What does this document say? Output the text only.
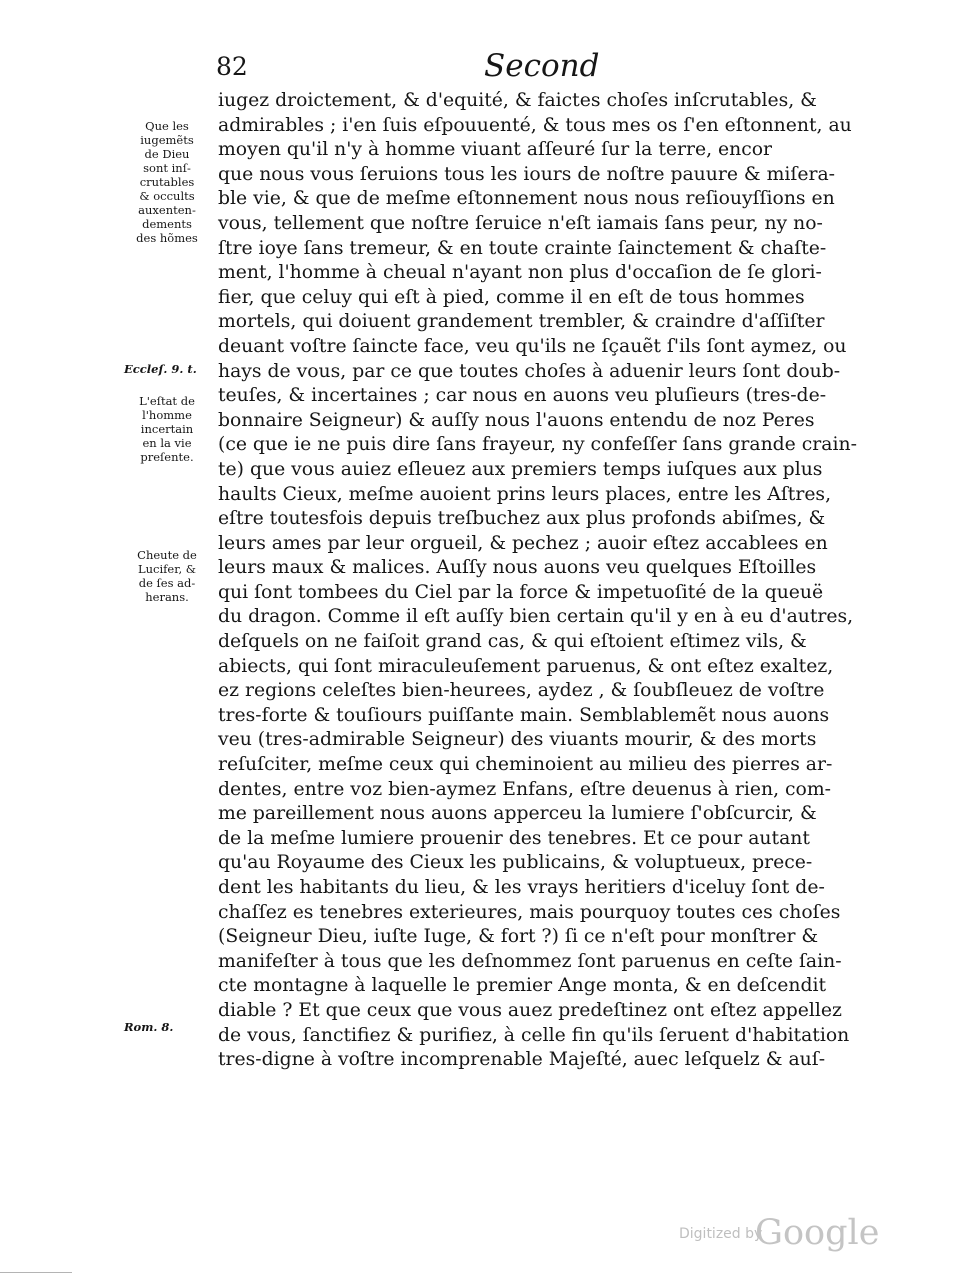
82	Second
Que les
iugemẽts
de Dieu
sont inſ-
crutables
& occults
auxenten-
dements
des hõmes
Eccleſ. 9. t.
L'eſtat de
l'homme
incertain
en la vie
preſente.
Cheute de
Lucifer, &
de ſes ad-
herans.
Rom. 8.
iugez droictement, & d'equité, & faictes choſes inſcrutables, &
admirables ; i'en ſuis eſpouuenté, & tous mes os ſ'en eſtonnent, au
moyen qu'il n'y à homme viuant aſſeuré ſur la terre, encor
que nous vous ſeruions tous les iours de noſtre pauure & miſera-
ble vie, & que de meſme eſtonnement nous nous reſiouyſſions en
vous, tellement que noſtre ſeruice n'eſt iamais ſans peur, ny no-
ſtre ioye ſans tremeur, & en toute crainte ſainctement & chaſte-
ment, l'homme à cheual n'ayant non plus d'occaſion de ſe glori-
fier, que celuy qui eſt à pied, comme il en eſt de tous hommes
mortels, qui doiuent grandement trembler, & craindre d'aſſiſter
deuant voſtre ſaincte face, veu qu'ils ne ſçauẽt ſ'ils ſont aymez, ou
hays de vous, par ce que toutes choſes à aduenir leurs ſont doub-
teuſes, & incertaines ; car nous en auons veu pluſieurs (tres-de-
bonnaire Seigneur) & auſſy nous l'auons entendu de noz Peres
(ce que ie ne puis dire ſans frayeur, ny confeſſer ſans grande crain-
te) que vous auiez eſleuez aux premiers temps iuſques aux plus
haults Cieux, meſme auoient prins leurs places, entre les Aſtres,
eſtre toutesfois depuis treſbuchez aux plus profonds abiſmes, &
leurs ames par leur orgueil, & pechez ; auoir eſtez accablees en
leurs maux & malices. Auſſy nous auons veu quelques Eſtoilles
qui ſont tombees du Ciel par la force & impetuoſité de la queuë
du dragon. Comme il eſt auſſy bien certain qu'il y en à eu d'autres,
deſquels on ne faiſoit grand cas, & qui eſtoient eſtimez vils, &
abiects, qui ſont miraculeuſement paruenus, & ont eſtez exaltez,
ez regions celeſtes bien-heurees, aydez , & ſoubſleuez de voſtre
tres-forte & touſiours puiſſante main. Semblablemẽt nous auons
veu (tres-admirable Seigneur) des viuants mourir, & des morts
reſuſciter, meſme ceux qui cheminoient au milieu des pierres ar-
dentes, entre voz bien-aymez Enfans, eſtre deuenus à rien, com-
me pareillement nous auons apperceu la lumiere ſ'obſcurcir, &
de la meſme lumiere prouenir des tenebres. Et ce pour autant
qu'au Royaume des Cieux les publicains, & voluptueux, prece-
dent les habitants du lieu, & les vrays heritiers d'iceluy ſont de-
chaſſez es tenebres exterieures, mais pourquoy toutes ces choſes
(Seigneur Dieu, iuſte Iuge, & fort ?) ſi ce n'eſt pour monſtrer &
manifeſter à tous que les deſnommez ſont paruenus en ceſte ſain-
cte montagne à laquelle le premier Ange monta, & en deſcendit
diable ? Et que ceux que vous auez predeſtinez ont eſtez appellez
de vous, ſanctifiez & purifiez, à celle fin qu'ils ſeruent d'habitation
tres-digne à voſtre incomprenable Majeſté, auec leſquelz & auſ-
Digitized by
Google
